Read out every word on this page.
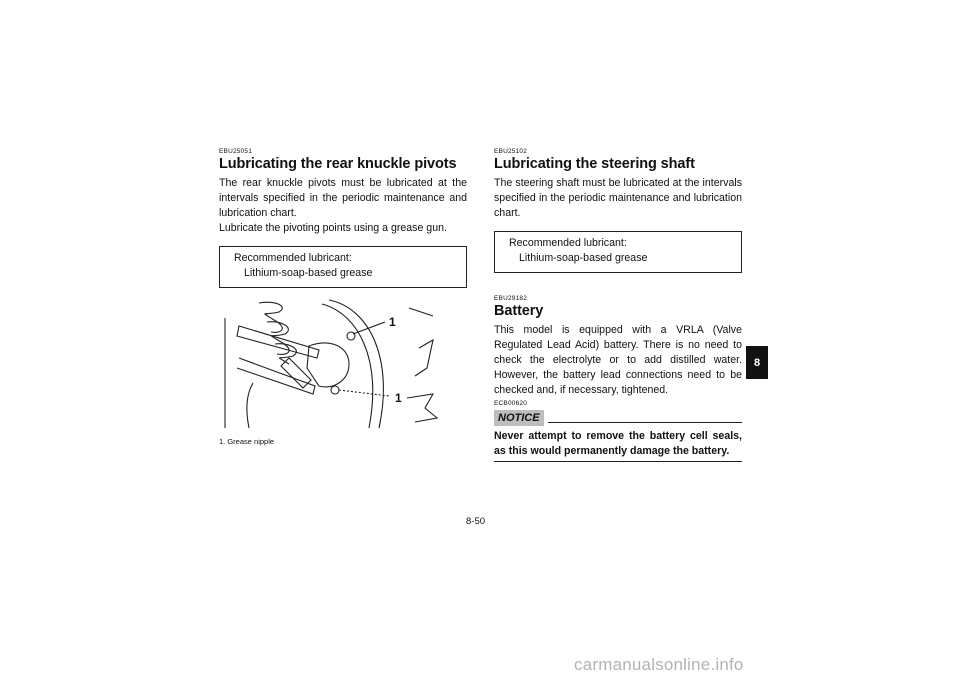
EBU25051

Lubricating the rear knuckle pivots

The rear knuckle pivots must be lubricated at the intervals specified in the periodic maintenance and lubrication chart.

Lubricate the pivoting points using a grease gun.

Recommended lubricant:
Lithium-soap-based grease
1
1
1. Grease nipple

EBU25102

Lubricating the steering shaft

The steering shaft must be lubricated at the intervals specified in the periodic maintenance and lubrication chart.

Recommended lubricant:
Lithium-soap-based grease

EBU29182

Battery

This model is equipped with a VRLA (Valve Regulated Lead Acid) battery. There is no need to check the electrolyte or to add distilled water. However, the battery lead connections need to be checked and, if necessary, tightened.

ECB00620

NOTICE

Never attempt to remove the battery cell seals, as this would permanently damage the battery.

8
8-50
carmanualsonline.info
